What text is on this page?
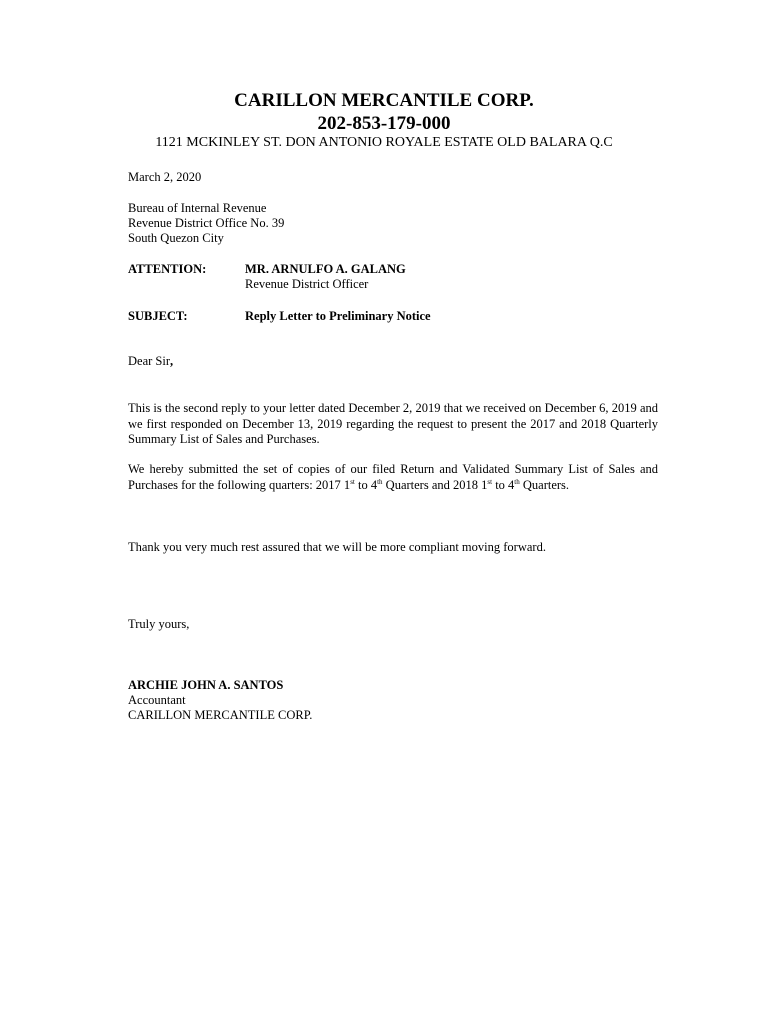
CARILLON MERCANTILE CORP.
202-853-179-000
1121 MCKINLEY ST. DON ANTONIO ROYALE ESTATE OLD BALARA Q.C
March 2, 2020
Bureau of Internal Revenue
Revenue District Office No. 39
South Quezon City
ATTENTION:	MR. ARNULFO A. GALANG
Revenue District Officer
SUBJECT:	Reply Letter to Preliminary Notice
Dear Sir,
This is the second reply to your letter dated December 2, 2019 that we received on December 6, 2019 and we first responded on December 13, 2019 regarding the request to present the 2017 and 2018 Quarterly Summary List of Sales and Purchases.
We hereby submitted the set of copies of our filed Return and Validated Summary List of Sales and Purchases for the following quarters: 2017 1st to 4th Quarters and 2018 1st to 4th Quarters.
Thank you very much rest assured that we will be more compliant moving forward.
Truly yours,
ARCHIE JOHN A. SANTOS
Accountant
CARILLON MERCANTILE CORP.
